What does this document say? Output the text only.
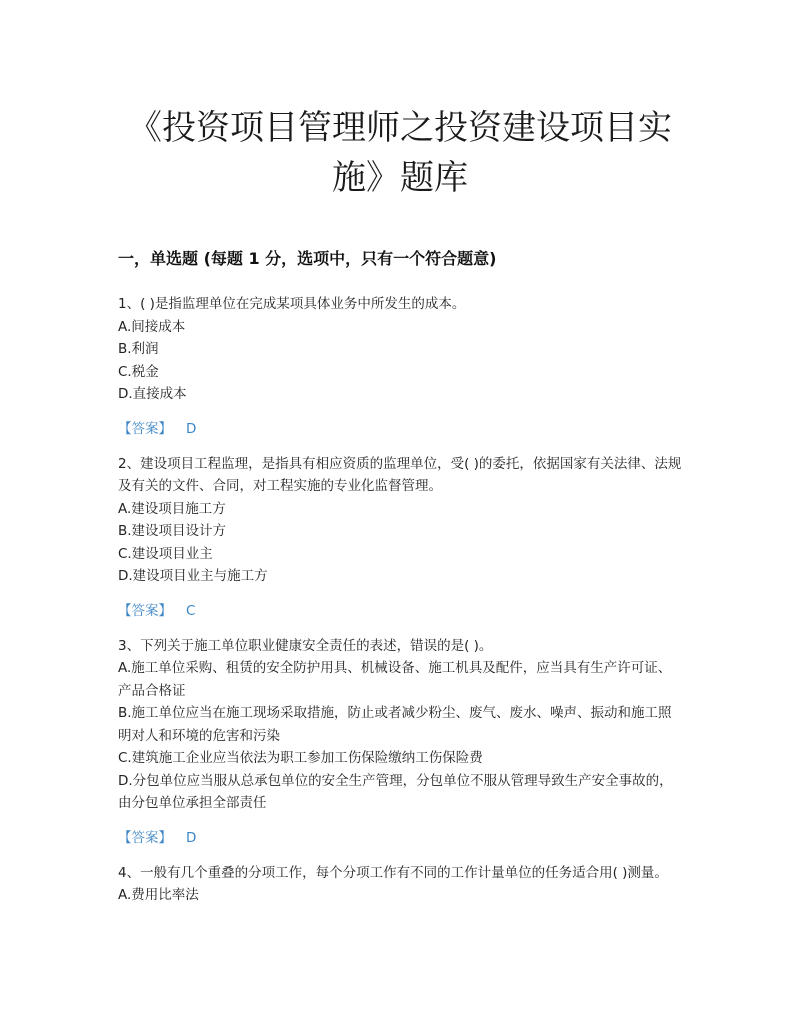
《投资项目管理师之投资建设项目实
施》题库
一，单选题 (每题 1 分，选项中，只有一个符合题意)

1、( )是指监理单位在完成某项具体业务中所发生的成本。

A.间接成本

B.利润

C.税金

D.直接成本

【答案】 D

2、建设项目工程监理，是指具有相应资质的监理单位，受( )的委托，依据国家有关法律、法规及有关的文件、合同，对工程实施的专业化监督管理。

A.建设项目施工方

B.建设项目设计方

C.建设项目业主

D.建设项目业主与施工方

【答案】 C

3、下列关于施工单位职业健康安全责任的表述，错误的是( )。

A.施工单位采购、租赁的安全防护用具、机械设备、施工机具及配件，应当具有生产许可证、产品合格证

B.施工单位应当在施工现场采取措施，防止或者减少粉尘、废气、废水、噪声、振动和施工照明对人和环境的危害和污染

C.建筑施工企业应当依法为职工参加工伤保险缴纳工伤保险费

D.分包单位应当服从总承包单位的安全生产管理，分包单位不服从管理导致生产安全事故的，由分包单位承担全部责任

【答案】 D

4、一般有几个重叠的分项工作，每个分项工作有不同的工作计量单位的任务适合用( )测量。

A.费用比率法
